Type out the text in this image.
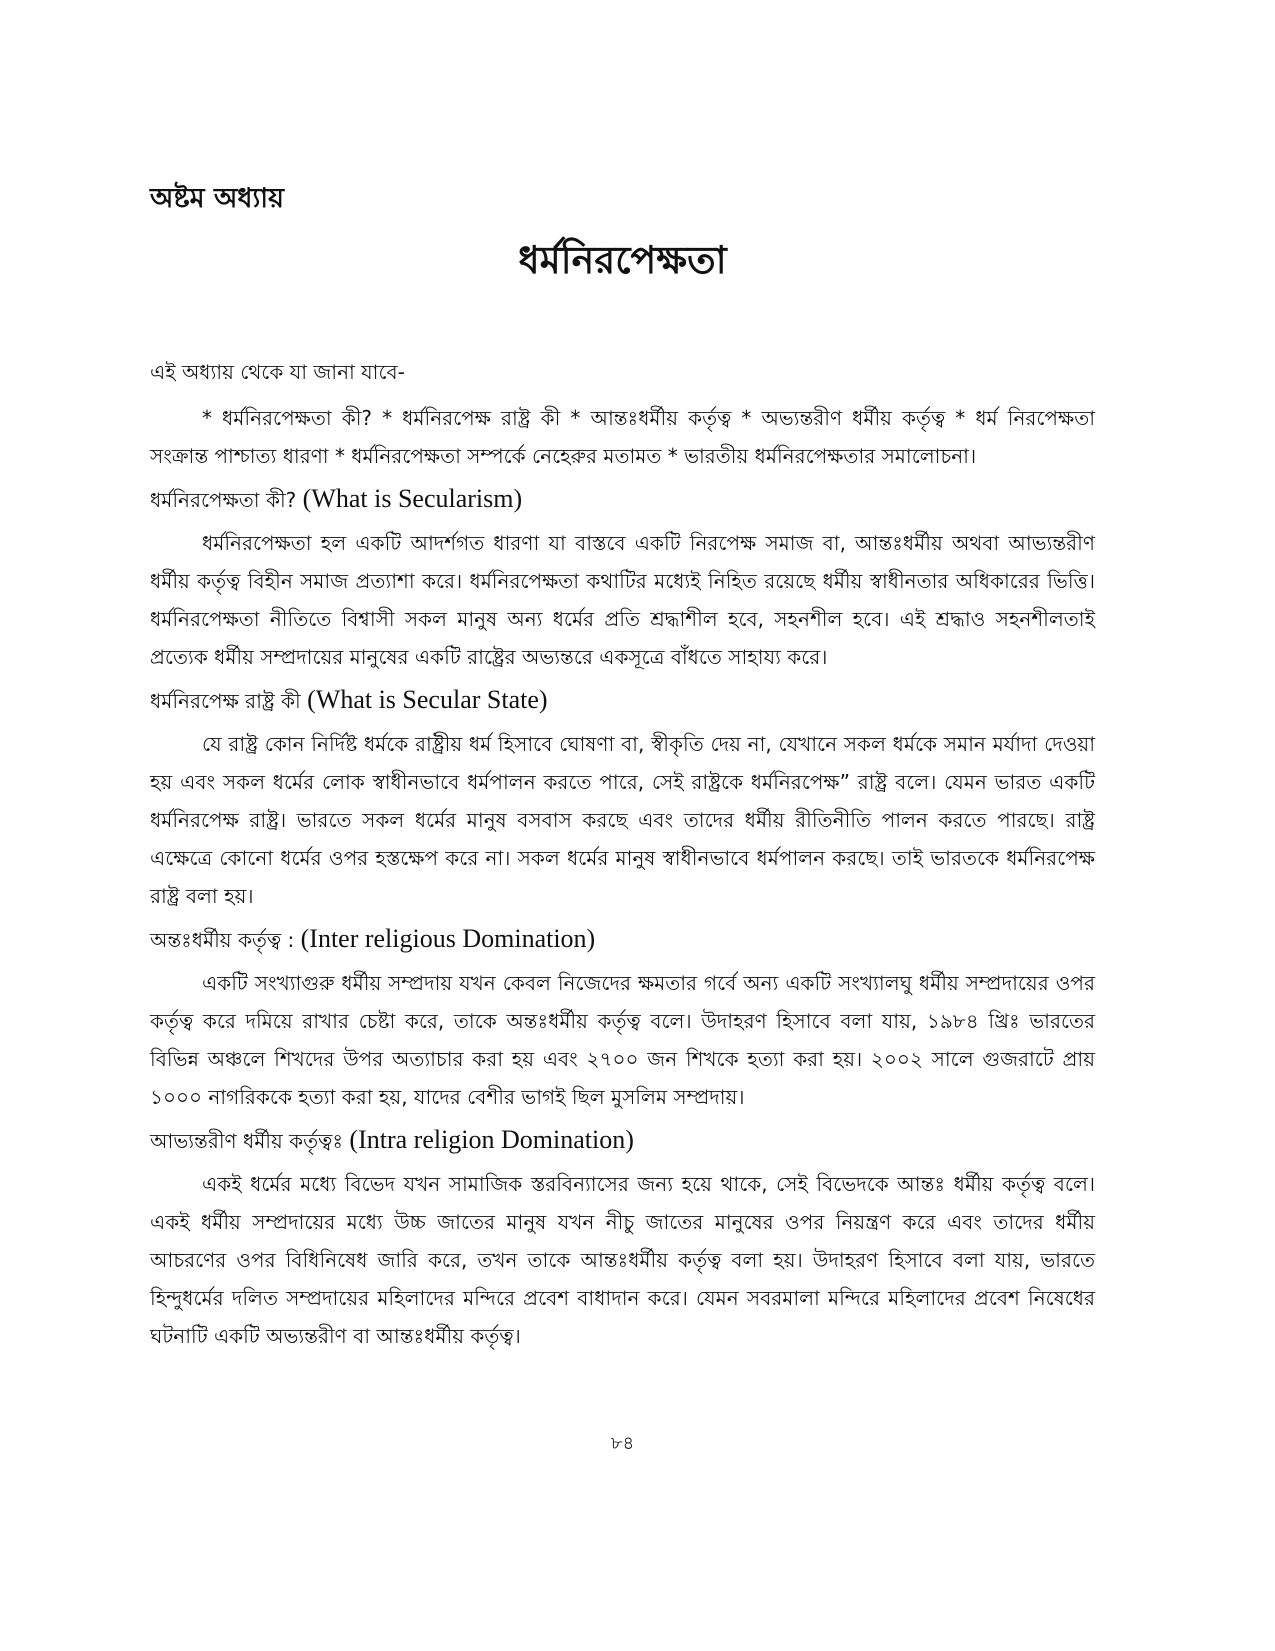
অষ্টম অধ্যায়
ধর্মনিরপেক্ষতা

এই অধ্যায় থেকে যা জানা যাবে-

* ধর্মনিরপেক্ষতা কী? * ধর্মনিরপেক্ষ রাষ্ট্র কী * আন্তঃধর্মীয় কর্তৃত্ব * অভ্যন্তরীণ ধর্মীয় কর্তৃত্ব * ধর্ম নিরপেক্ষতা সংক্রান্ত পাশ্চাত্য ধারণা * ধর্মনিরপেক্ষতা সম্পর্কে নেহেরুর মতামত * ভারতীয় ধর্মনিরপেক্ষতার সমালোচনা।

ধর্মনিরপেক্ষতা কী? (What is Secularism)

ধর্মনিরপেক্ষতা হল একটি আদর্শগত ধারণা যা বাস্তবে একটি নিরপেক্ষ সমাজ বা, আন্তঃধর্মীয় অথবা আভ্যন্তরীণ ধর্মীয় কর্তৃত্ব বিহীন সমাজ প্রত্যাশা করে। ধর্মনিরপেক্ষতা কথাটির মধ্যেই নিহিত রয়েছে ধর্মীয় স্বাধীনতার অধিকারের ভিত্তি। ধর্মনিরপেক্ষতা নীতিতে বিশ্বাসী সকল মানুষ অন্য ধর্মের প্রতি শ্রদ্ধাশীল হবে, সহনশীল হবে। এই শ্রদ্ধাও সহনশীলতাই প্রত্যেক ধর্মীয় সম্প্রদায়ের মানুষের একটি রাষ্ট্রের অভ্যন্তরে একসূত্রে বাঁধতে সাহায্য করে।

ধর্মনিরপেক্ষ রাষ্ট্র কী (What is Secular State)

যে রাষ্ট্র কোন নির্দিষ্ট ধর্মকে রাষ্ট্রীয় ধর্ম হিসাবে ঘোষণা বা, স্বীকৃতি দেয় না, যেখানে সকল ধর্মকে সমান মর্যাদা দেওয়া হয় এবং সকল ধর্মের লোক স্বাধীনভাবে ধর্মপালন করতে পারে, সেই রাষ্ট্রকে ধর্মনিরপেক্ষ” রাষ্ট্র বলে। যেমন ভারত একটি ধর্মনিরপেক্ষ রাষ্ট্র। ভারতে সকল ধর্মের মানুষ বসবাস করছে এবং তাদের ধর্মীয় রীতিনীতি পালন করতে পারছে। রাষ্ট্র এক্ষেত্রে কোনো ধর্মের ওপর হস্তক্ষেপ করে না। সকল ধর্মের মানুষ স্বাধীনভাবে ধর্মপালন করছে। তাই ভারতকে ধর্মনিরপেক্ষ রাষ্ট্র বলা হয়।

অন্তঃধর্মীয় কর্তৃত্ব : (Inter religious Domination)

একটি সংখ্যাগুরু ধর্মীয় সম্প্রদায় যখন কেবল নিজেদের ক্ষমতার গর্বে অন্য একটি সংখ্যালঘু ধর্মীয় সম্প্রদায়ের ওপর কর্তৃত্ব করে দমিয়ে রাখার চেষ্টা করে, তাকে অন্তঃধর্মীয় কর্তৃত্ব বলে। উদাহরণ হিসাবে বলা যায়, ১৯৮৪ খ্রিঃ ভারতের বিভিন্ন অঞ্চলে শিখদের উপর অত্যাচার করা হয় এবং ২৭০০ জন শিখকে হত্যা করা হয়। ২০০২ সালে গুজরাটে প্রায় ১০০০ নাগরিককে হত্যা করা হয়, যাদের বেশীর ভাগই ছিল মুসলিম সম্প্রদায়।

আভ্যন্তরীণ ধর্মীয় কর্তৃত্বঃ (Intra religion Domination)

একই ধর্মের মধ্যে বিভেদ যখন সামাজিক স্তরবিন্যাসের জন্য হয়ে থাকে, সেই বিভেদকে আন্তঃ ধর্মীয় কর্তৃত্ব বলে। একই ধর্মীয় সম্প্রদায়ের মধ্যে উচ্চ জাতের মানুষ যখন নীচু জাতের মানুষের ওপর নিয়ন্ত্রণ করে এবং তাদের ধর্মীয় আচরণের ওপর বিধিনিষেধ জারি করে, তখন তাকে আন্তঃধর্মীয় কর্তৃত্ব বলা হয়। উদাহরণ হিসাবে বলা যায়, ভারতে হিন্দুধর্মের দলিত সম্প্রদায়ের মহিলাদের মন্দিরে প্রবেশ বাধাদান করে। যেমন সবরমালা মন্দিরে মহিলাদের প্রবেশ নিষেধের ঘটনাটি একটি অভ্যন্তরীণ বা আন্তঃধর্মীয় কর্তৃত্ব।

৮৪
